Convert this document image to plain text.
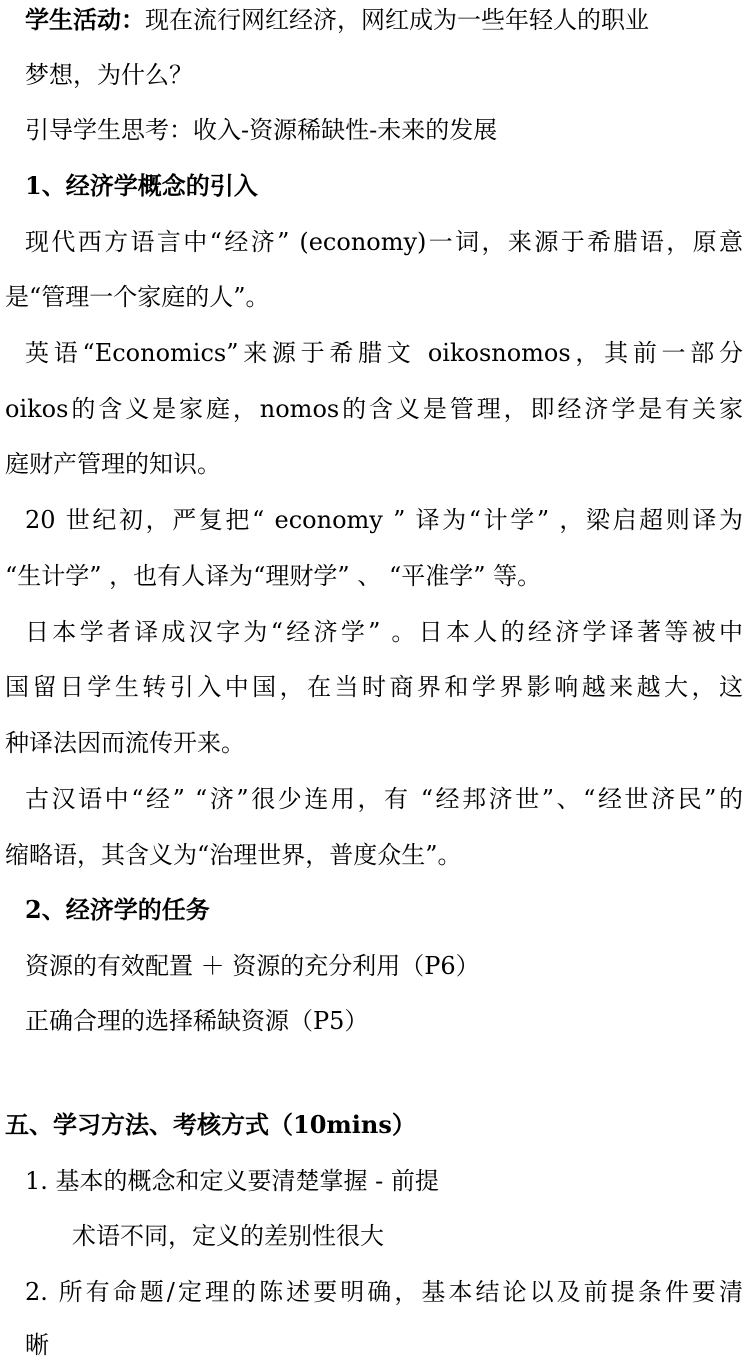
学生活动：现在流行网红经济，网红成为一些年轻人的职业
梦想，为什么？
引导学生思考：收入-资源稀缺性-未来的发展
1、经济学概念的引入
现代西方语言中“经济” (economy)一词，来源于希腊语，原意
是“管理一个家庭的人”。
英语“Economics”来源于希腊文 oikosnomos，其前一部分
oikos的含义是家庭，nomos的含义是管理，即经济学是有关家
庭财产管理的知识。
20 世纪初，严复把“ economy ” 译为“计学” ，梁启超则译为
“生计学” ，也有人译为“理财学” 、 “平准学” 等。
日本学者译成汉字为“经济学” 。日本人的经济学译著等被中
国留日学生转引入中国，在当时商界和学界影响越来越大，这
种译法因而流传开来。
古汉语中“经” “济”很少连用，有 “经邦济世”、“经世济民”的
缩略语，其含义为“治理世界，普度众生”。
2、经济学的任务
资源的有效配置 ＋ 资源的充分利用（P6）
正确合理的选择稀缺资源（P5）
五、学习方法、考核方式（10mins）
1. 基本的概念和定义要清楚掌握 - 前提
术语不同，定义的差别性很大
2. 所有命题/定理的陈述要明确，基本结论以及前提条件要清
晰
